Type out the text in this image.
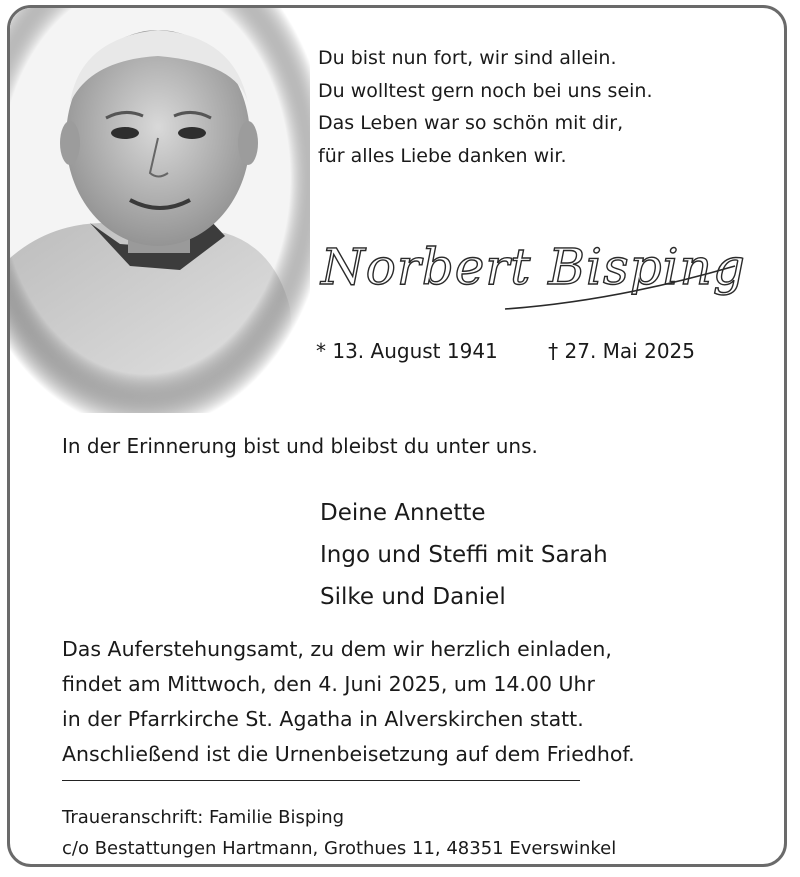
Du bist nun fort, wir sind allein.
Du wolltest gern noch bei uns sein.
Das Leben war so schön mit dir,
für alles Liebe danken wir.
Norbert Bisping
* 13. August 1941	† 27. Mai 2025
In der Erinnerung bist und bleibst du unter uns.
Deine Annette
Ingo und Steffi mit Sarah
Silke und Daniel
Das Auferstehungsamt, zu dem wir herzlich einladen,
findet am Mittwoch, den 4. Juni 2025, um 14.00 Uhr
in der Pfarrkirche St. Agatha in Alverskirchen statt.
Anschließend ist die Urnenbeisetzung auf dem Friedhof.
Traueranschrift: Familie Bisping
c/o Bestattungen Hartmann, Grothues 11, 48351 Everswinkel
